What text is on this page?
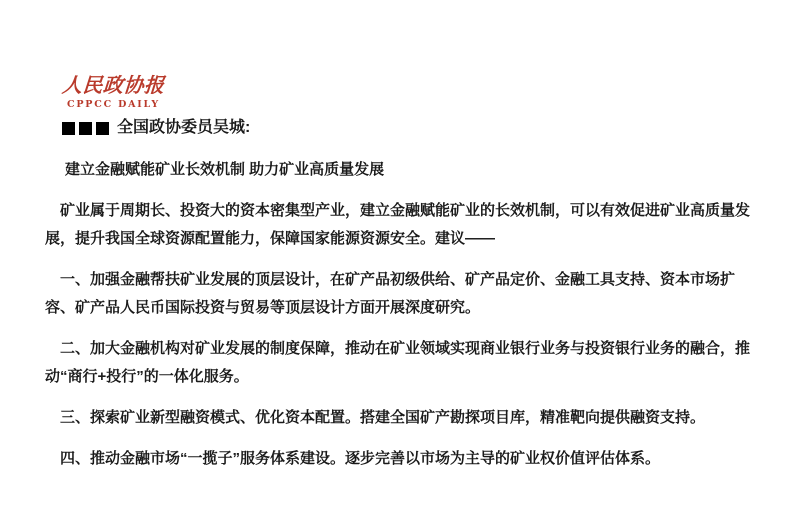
人民政协报
CPPCC DAILY
全国政协委员吴城:
建立金融赋能矿业长效机制 助力矿业高质量发展

矿业属于周期长、投资大的资本密集型产业，建立金融赋能矿业的长效机制，可以有效促进矿业高质量发展，提升我国全球资源配置能力，保障国家能源资源安全。建议——

一、加强金融帮扶矿业发展的顶层设计，在矿产品初级供给、矿产品定价、金融工具支持、资本市场扩容、矿产品人民币国际投资与贸易等顶层设计方面开展深度研究。

二、加大金融机构对矿业发展的制度保障，推动在矿业领域实现商业银行业务与投资银行业务的融合，推动“商行+投行”的一体化服务。

三、探索矿业新型融资模式、优化资本配置。搭建全国矿产勘探项目库，精准靶向提供融资支持。

四、推动金融市场“一揽子”服务体系建设。逐步完善以市场为主导的矿业权价值评估体系。
